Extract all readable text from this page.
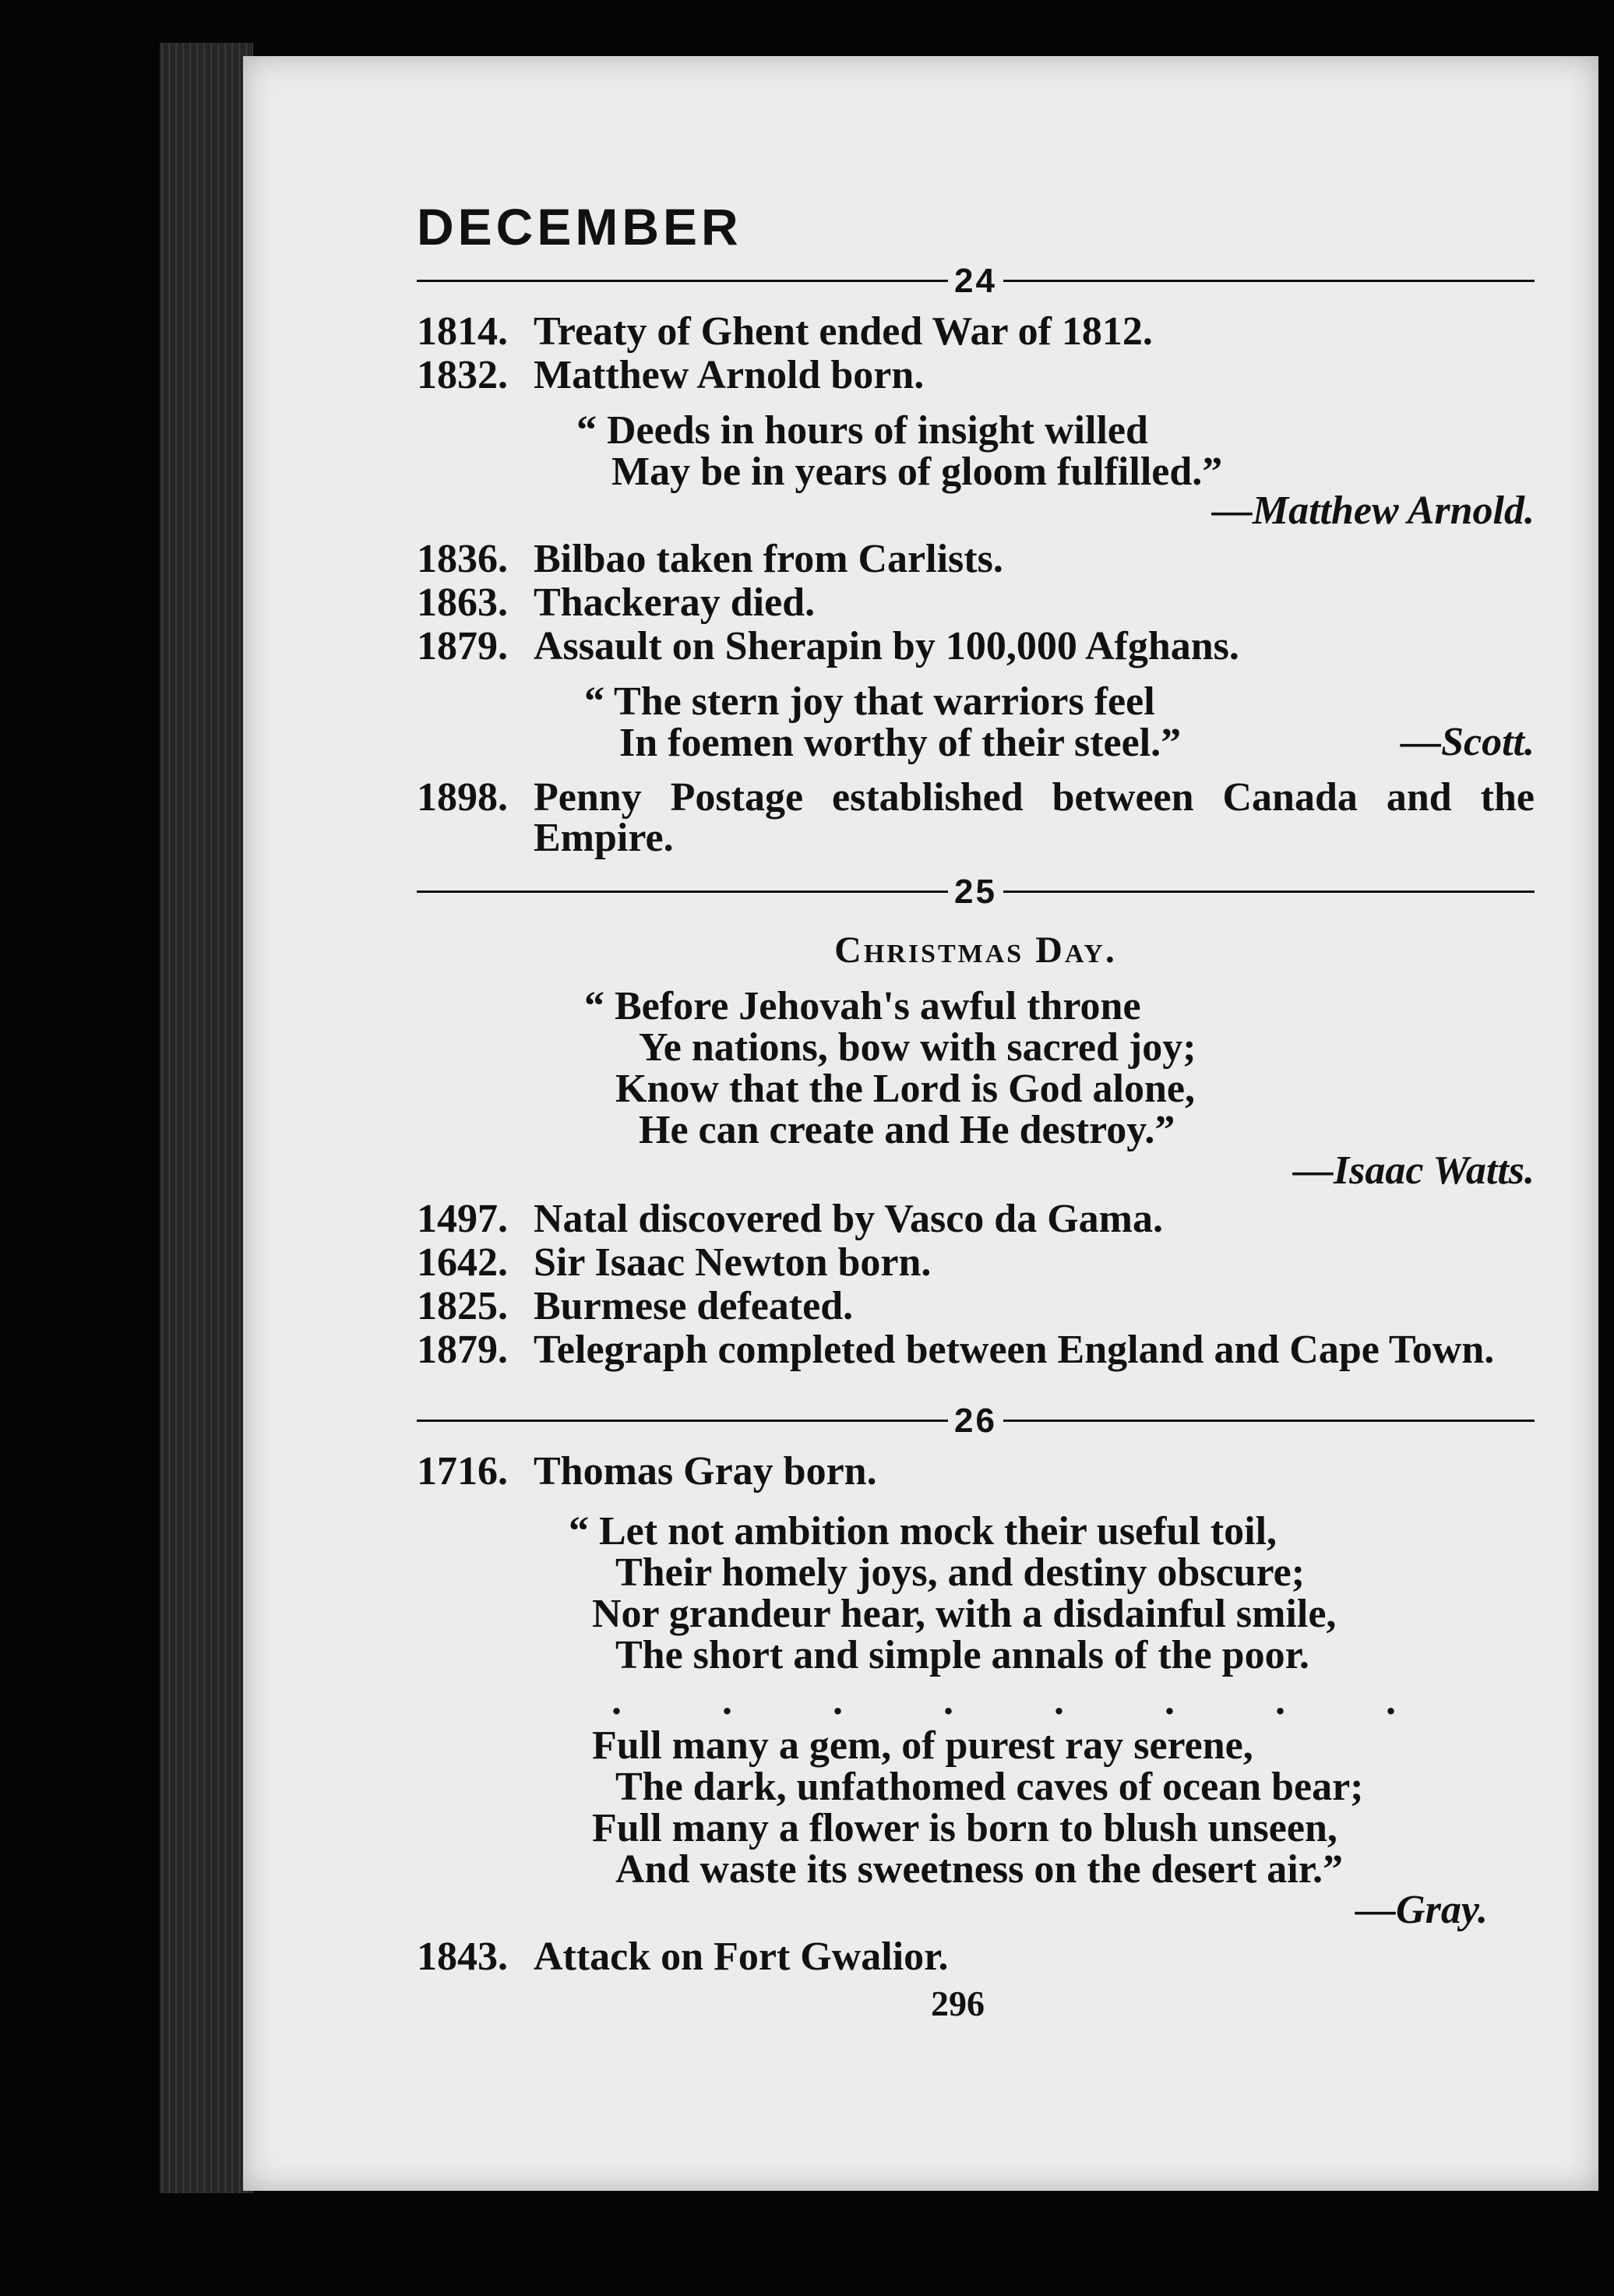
DECEMBER
24
1814. Treaty of Ghent ended War of 1812.
1832. Matthew Arnold born.
“ Deeds in hours of insight willed
May be in years of gloom fulfilled.”
—Matthew Arnold.
1836. Bilbao taken from Carlists.
1863. Thackeray died.
1879. Assault on Sherapin by 100,000 Afghans.
“ The stern joy that warriors feel
In foemen worthy of their steel.”	—Scott.
1898. Penny Postage established between Canada and the Empire.
25
Christmas Day.
“ Before Jehovah's awful throne
Ye nations, bow with sacred joy;
Know that the Lord is God alone,
He can create and He destroy.”
—Isaac Watts.
1497. Natal discovered by Vasco da Gama.
1642. Sir Isaac Newton born.
1825. Burmese defeated.
1879. Telegraph completed between England and Cape Town.
26
1716. Thomas Gray born.
“ Let not ambition mock their useful toil,
Their homely joys, and destiny obscure;
Nor grandeur hear, with a disdainful smile,
The short and simple annals of the poor.
. . . . . . . .
Full many a gem, of purest ray serene,
The dark, unfathomed caves of ocean bear;
Full many a flower is born to blush unseen,
And waste its sweetness on the desert air.”
—Gray.
1843. Attack on Fort Gwalior.
296
